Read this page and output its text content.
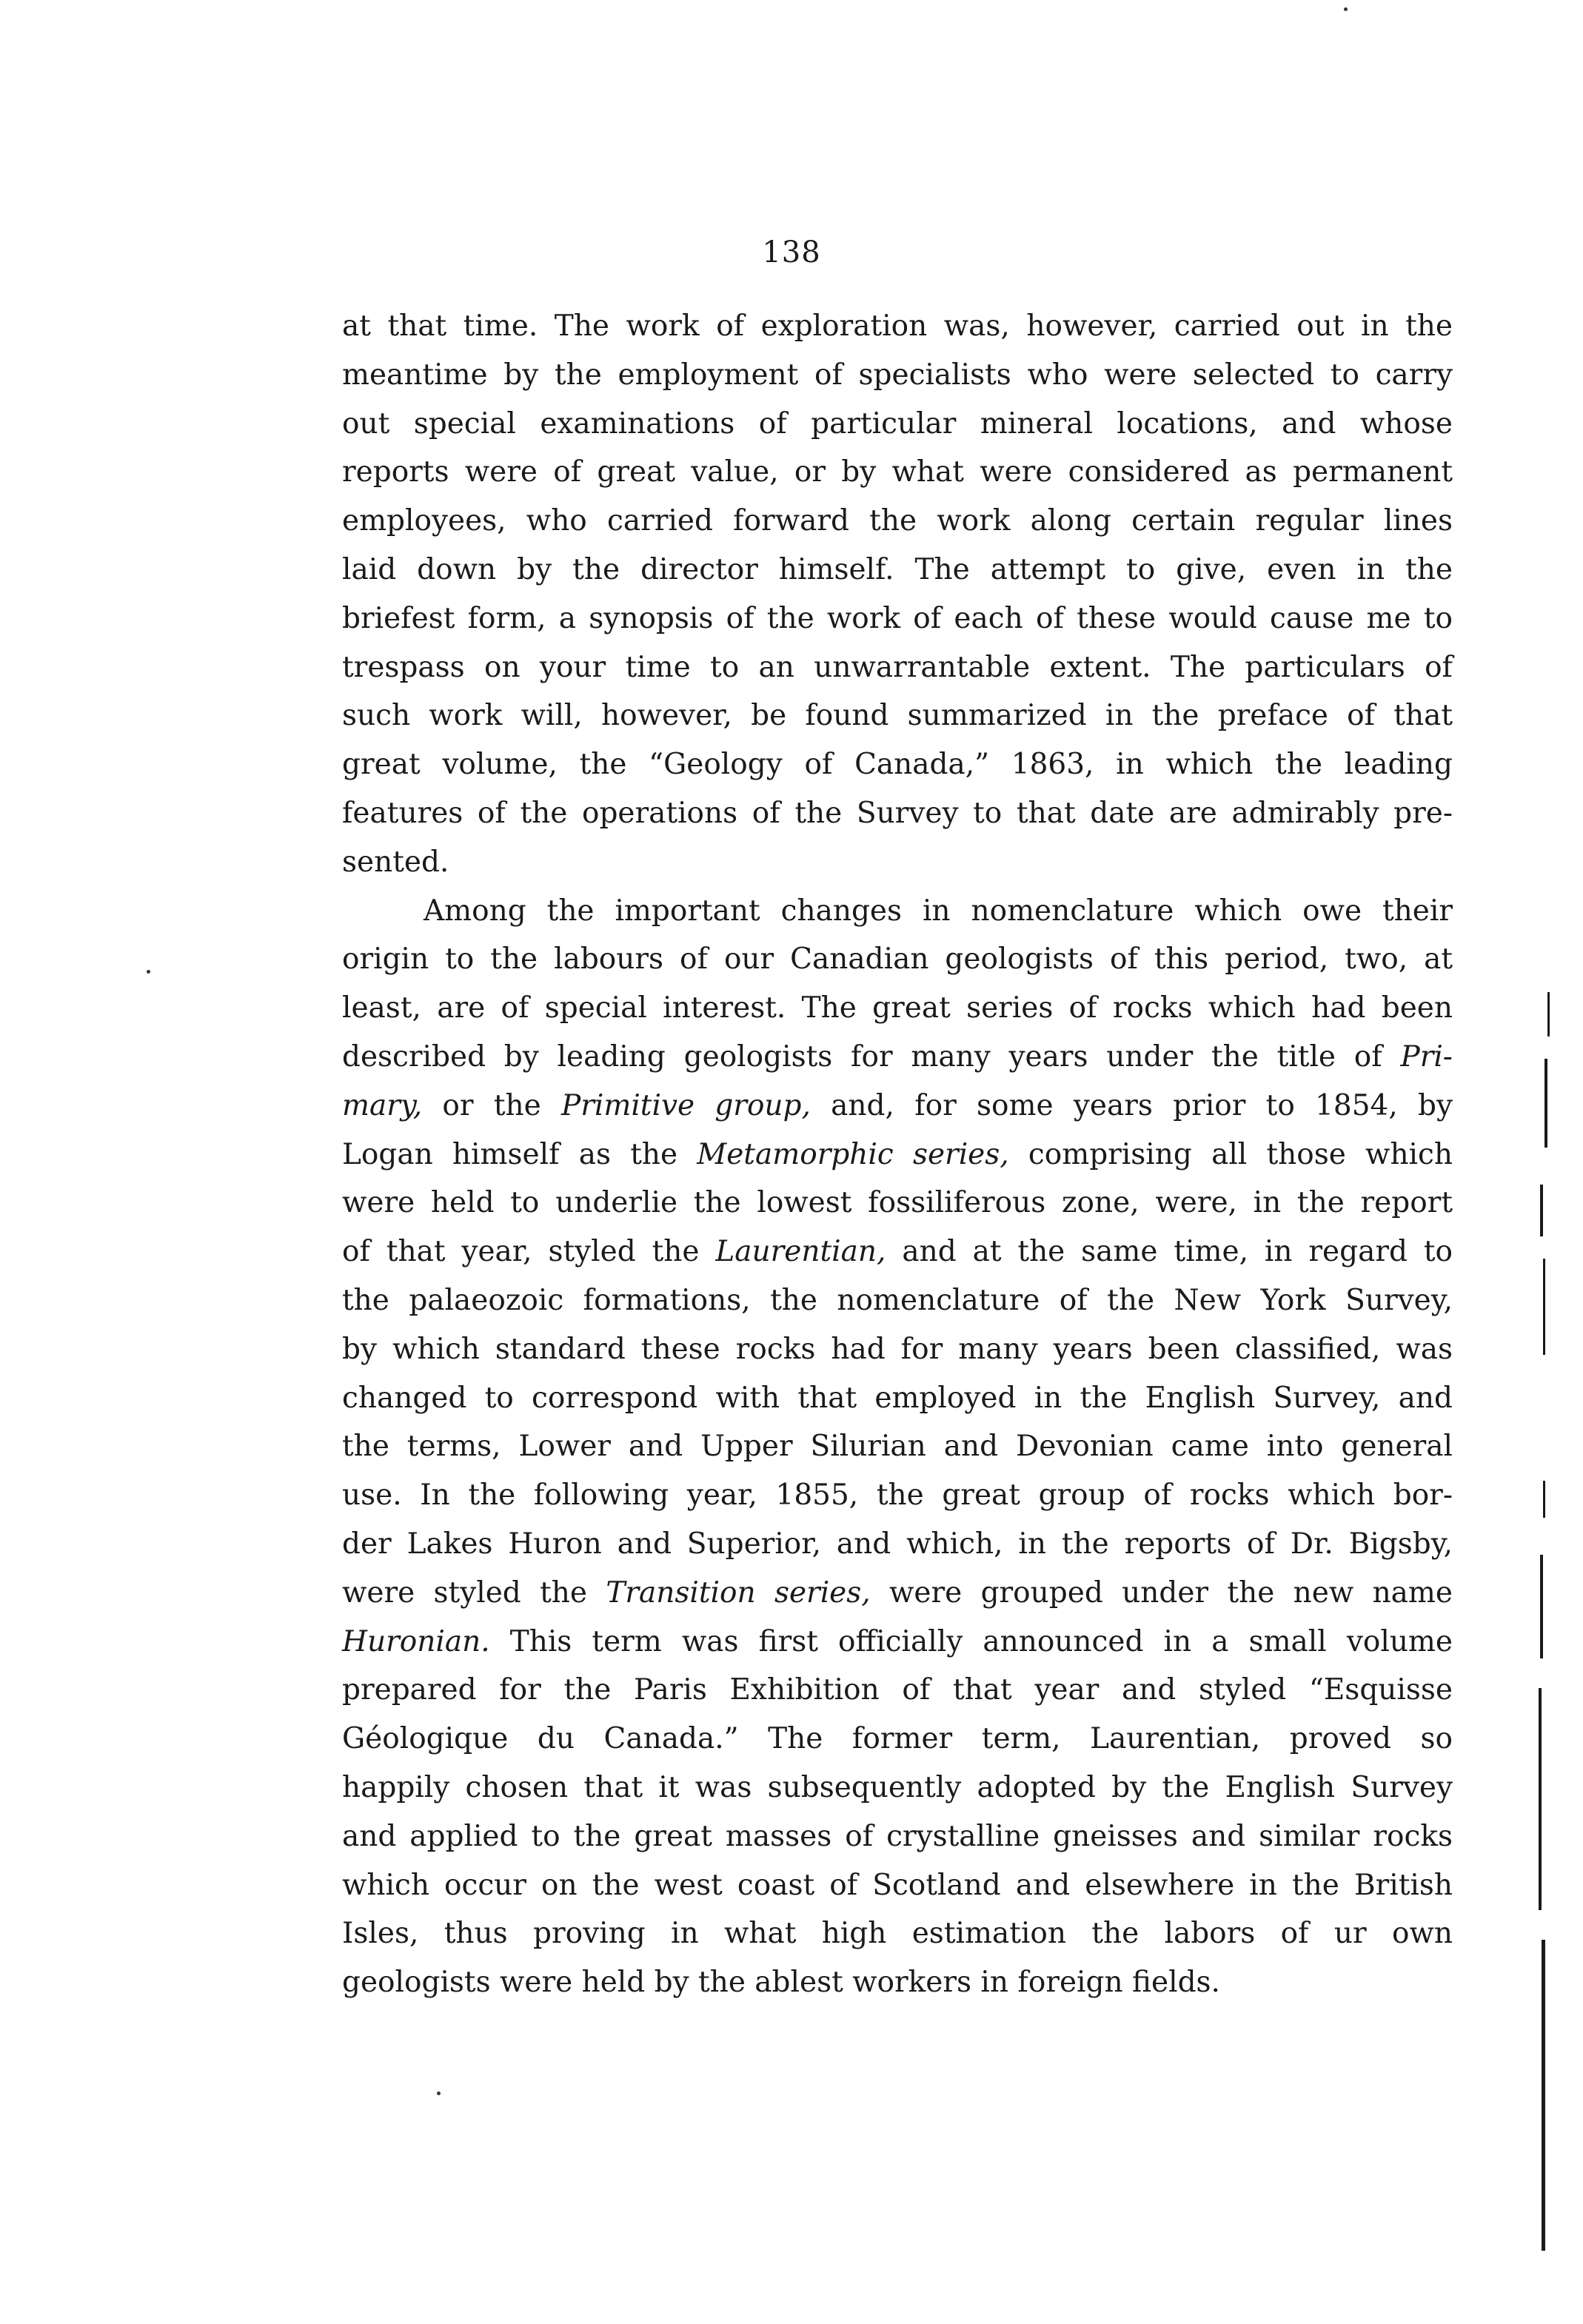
138
at that time. The work of exploration was, however, carried out in the
meantime by the employment of specialists who were selected to carry
out special examinations of particular mineral locations, and whose
reports were of great value, or by what were considered as permanent
employees, who carried forward the work along certain regular lines
laid down by the director himself. The attempt to give, even in the
briefest form, a synopsis of the work of each of these would cause me to
trespass on your time to an unwarrantable extent. The particulars of
such work will, however, be found summarized in the preface of that
great volume, the “Geology of Canada,” 1863, in which the leading
features of the operations of the Survey to that date are admirably pre-
sented.
Among the important changes in nomenclature which owe their
origin to the labours of our Canadian geologists of this period, two, at
least, are of special interest. The great series of rocks which had been
described by leading geologists for many years under the title of Pri-
mary, or the Primitive group, and, for some years prior to 1854, by
Logan himself as the Metamorphic series, comprising all those which
were held to underlie the lowest fossiliferous zone, were, in the report
of that year, styled the Laurentian, and at the same time, in regard to
the palaeozoic formations, the nomenclature of the New York Survey,
by which standard these rocks had for many years been classified, was
changed to correspond with that employed in the English Survey, and
the terms, Lower and Upper Silurian and Devonian came into general
use. In the following year, 1855, the great group of rocks which bor-
der Lakes Huron and Superior, and which, in the reports of Dr. Bigsby,
were styled the Transition series, were grouped under the new name
Huronian. This term was first officially announced in a small volume
prepared for the Paris Exhibition of that year and styled “Esquisse
Géologique du Canada.” The former term, Laurentian, proved so
happily chosen that it was subsequently adopted by the English Survey
and applied to the great masses of crystalline gneisses and similar rocks
which occur on the west coast of Scotland and elsewhere in the British
Isles, thus proving in what high estimation the labors of ur own
geologists were held by the ablest workers in foreign fields.
